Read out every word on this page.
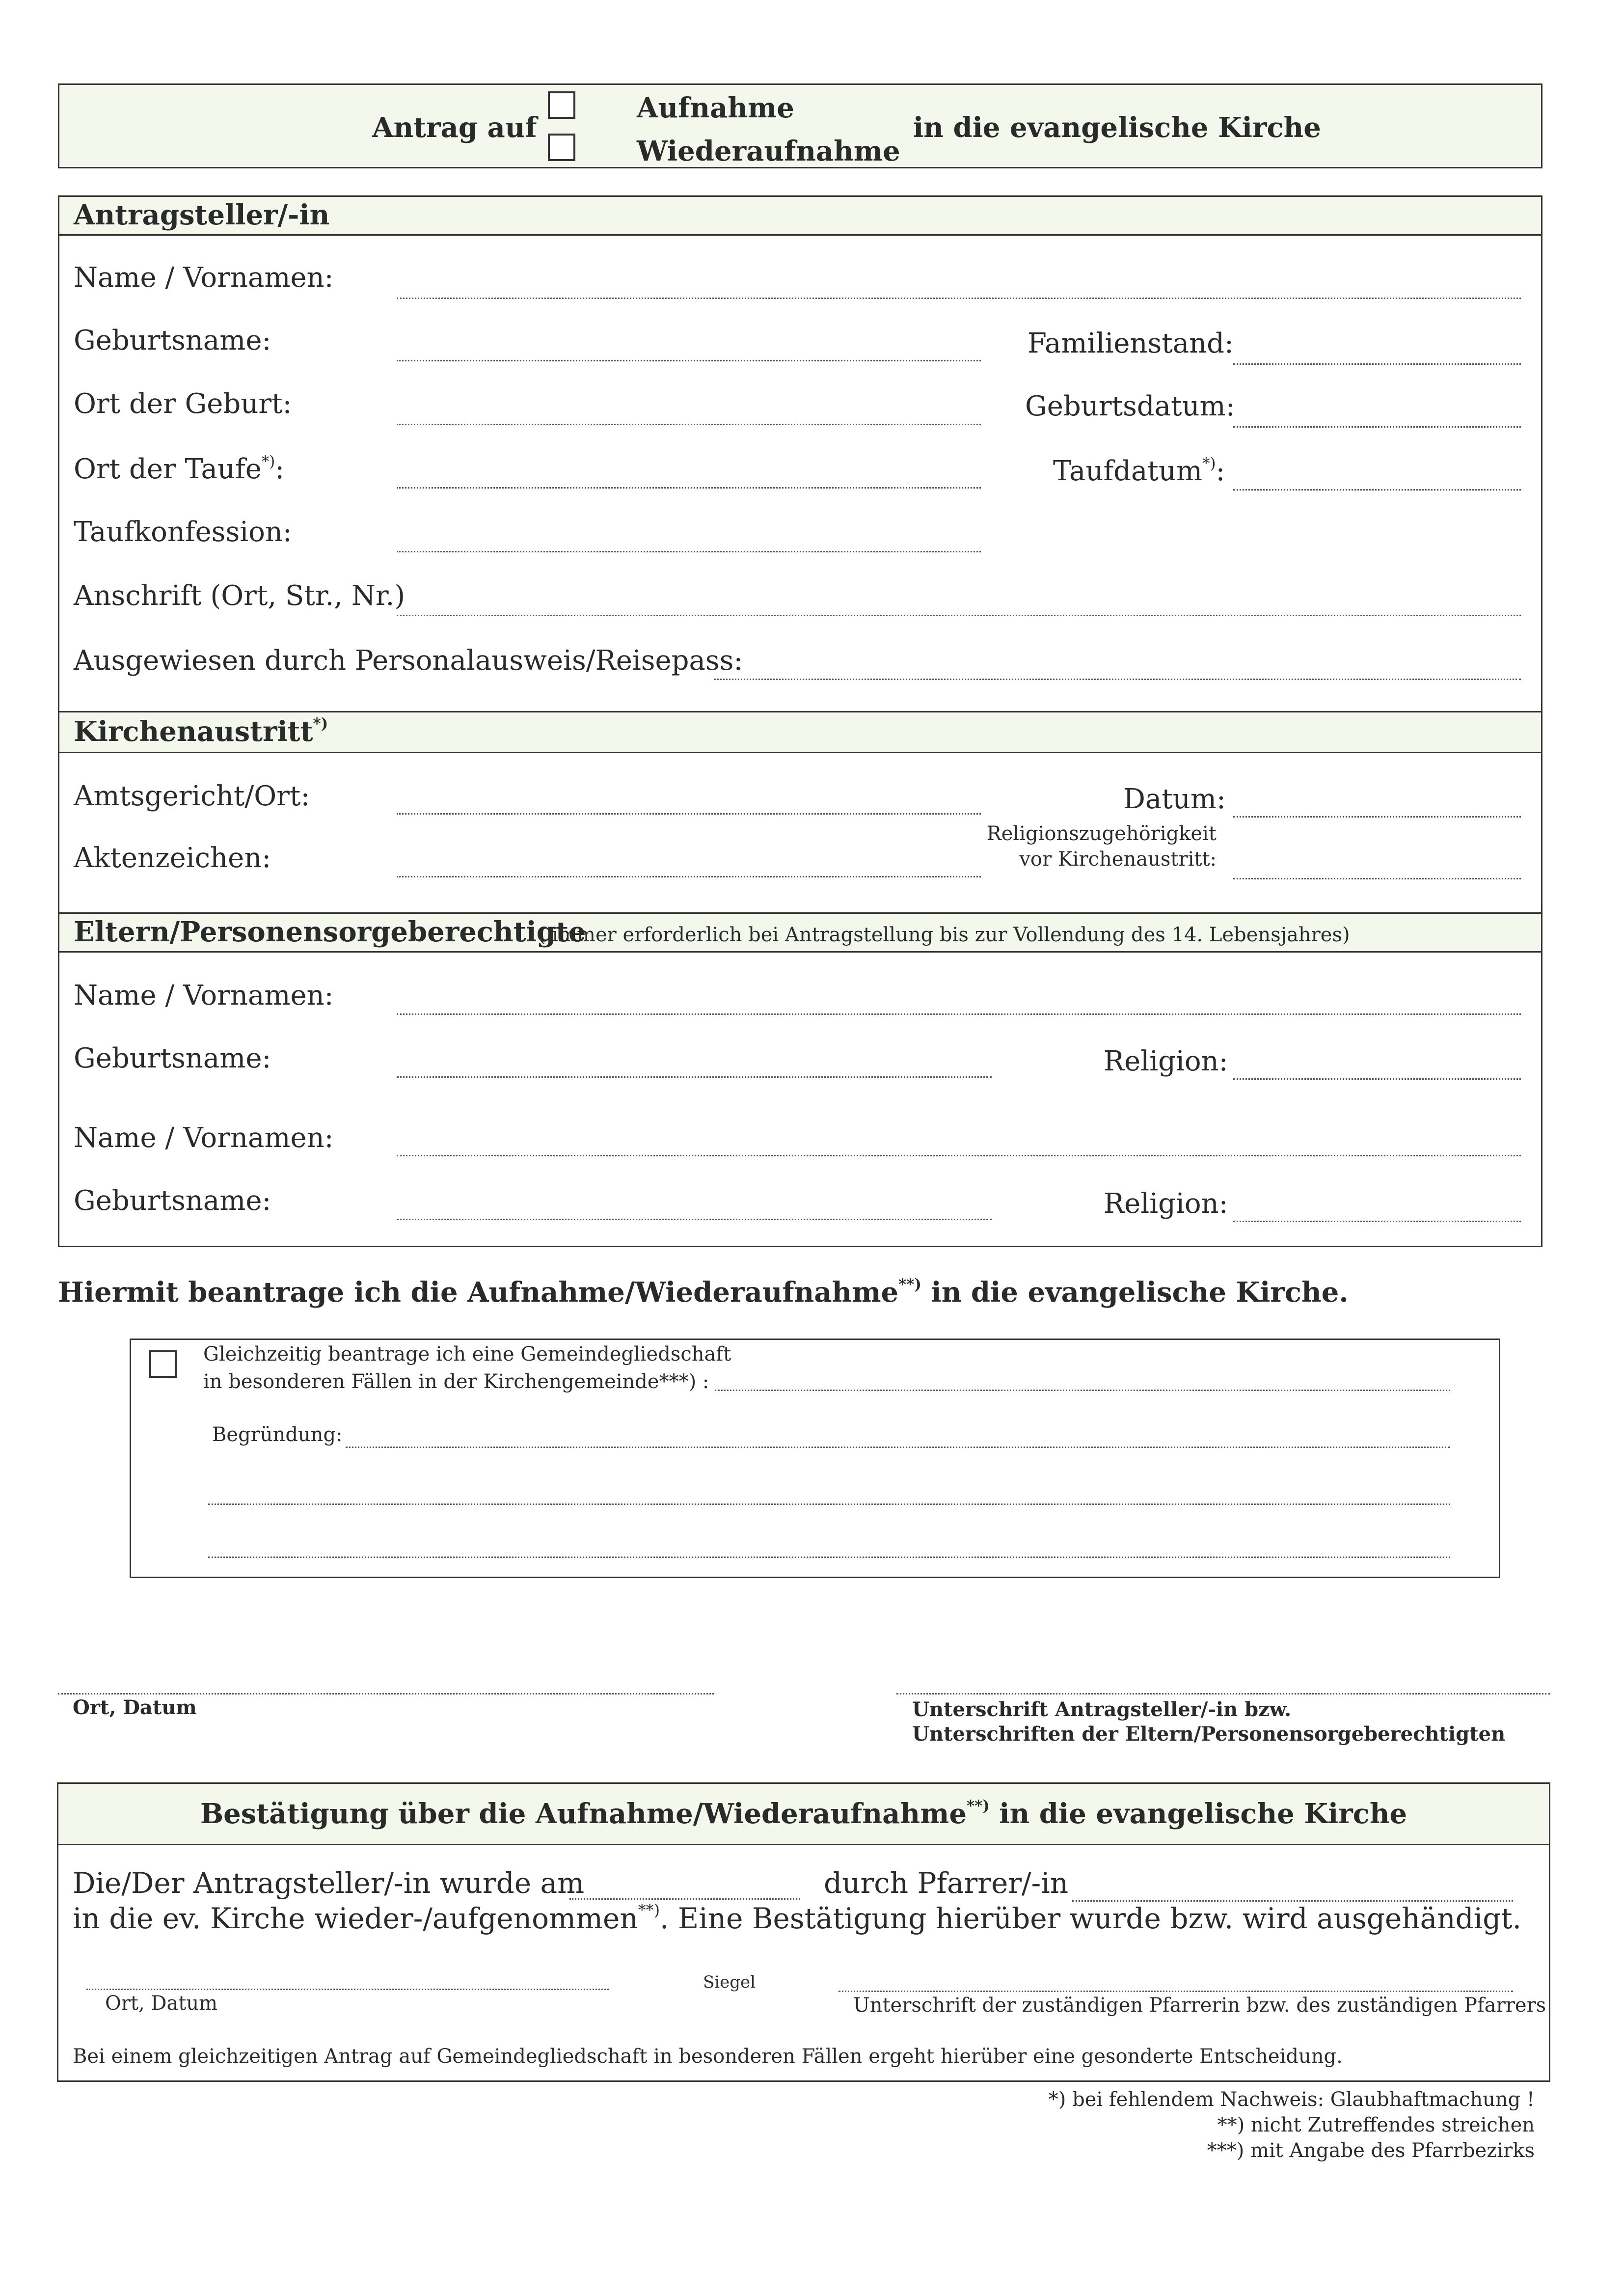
Antrag auf
Aufnahme
Wiederaufnahme
in die evangelische Kirche
Antragsteller/-in
Name / Vornamen:
Geburtsname:	Familienstand:
Ort der Geburt:	Geburtsdatum:
Ort der Taufe*):	Taufdatum*):
Taufkonfession:
Anschrift (Ort, Str., Nr.)
Ausgewiesen durch Personalausweis/Reisepass:
Kirchenaustritt*)
Amtsgericht/Ort:	Datum:
Aktenzeichen:
Religionszugehörigkeit
vor Kirchenaustritt:
Eltern/Personensorgeberechtigte
( immer erforderlich bei Antragstellung bis zur Vollendung des 14. Lebensjahres)
Name / Vornamen:
Geburtsname:	Religion:
Name / Vornamen:
Geburtsname:	Religion:
Hiermit beantrage ich die Aufnahme/Wiederaufnahme**) in die evangelische Kirche.
Gleichzeitig beantrage ich eine Gemeindegliedschaft
in besonderen Fällen in der Kirchengemeinde***) :
Begründung:
Ort, Datum	Unterschrift Antragsteller/-in bzw.
Unterschriften der Eltern/Personensorgeberechtigten
Bestätigung über die Aufnahme/Wiederaufnahme**) in die evangelische Kirche
Die/Der Antragsteller/-in wurde am	durch Pfarrer/-in
in die ev. Kirche wieder-/aufgenommen**). Eine Bestätigung hierüber wurde bzw. wird ausgehändigt.
Ort, Datum
Siegel
Unterschrift der zuständigen Pfarrerin bzw. des zuständigen Pfarrers
Bei einem gleichzeitigen Antrag auf Gemeindegliedschaft in besonderen Fällen ergeht hierüber eine gesonderte Entscheidung.
*) bei fehlendem Nachweis: Glaubhaftmachung !
**) nicht Zutreffendes streichen
***) mit Angabe des Pfarrbezirks
